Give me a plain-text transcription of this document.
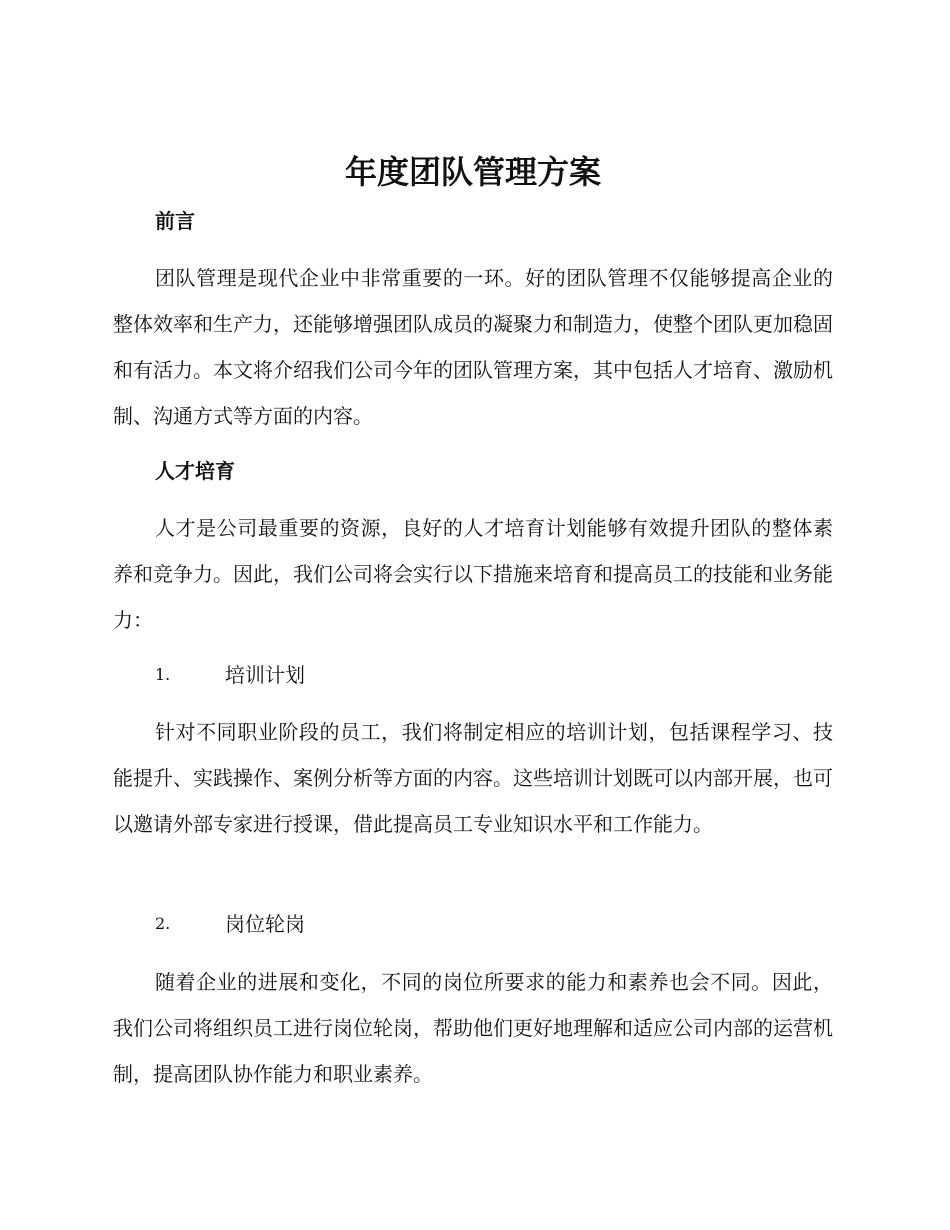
年度团队管理方案
前言

团队管理是现代企业中非常重要的一环。好的团队管理不仅能够提高企业的整体效率和生产力，还能够增强团队成员的凝聚力和制造力，使整个团队更加稳固和有活力。本文将介绍我们公司今年的团队管理方案，其中包括人才培育、激励机制、沟通方式等方面的内容。

人才培育

人才是公司最重要的资源，良好的人才培育计划能够有效提升团队的整体素养和竞争力。因此，我们公司将会实行以下措施来培育和提高员工的技能和业务能力：

1.	培训计划

针对不同职业阶段的员工，我们将制定相应的培训计划，包括课程学习、技能提升、实践操作、案例分析等方面的内容。这些培训计划既可以内部开展，也可以邀请外部专家进行授课，借此提高员工专业知识水平和工作能力。

2.	岗位轮岗

随着企业的进展和变化，不同的岗位所要求的能力和素养也会不同。因此，我们公司将组织员工进行岗位轮岗，帮助他们更好地理解和适应公司内部的运营机制，提高团队协作能力和职业素养。
